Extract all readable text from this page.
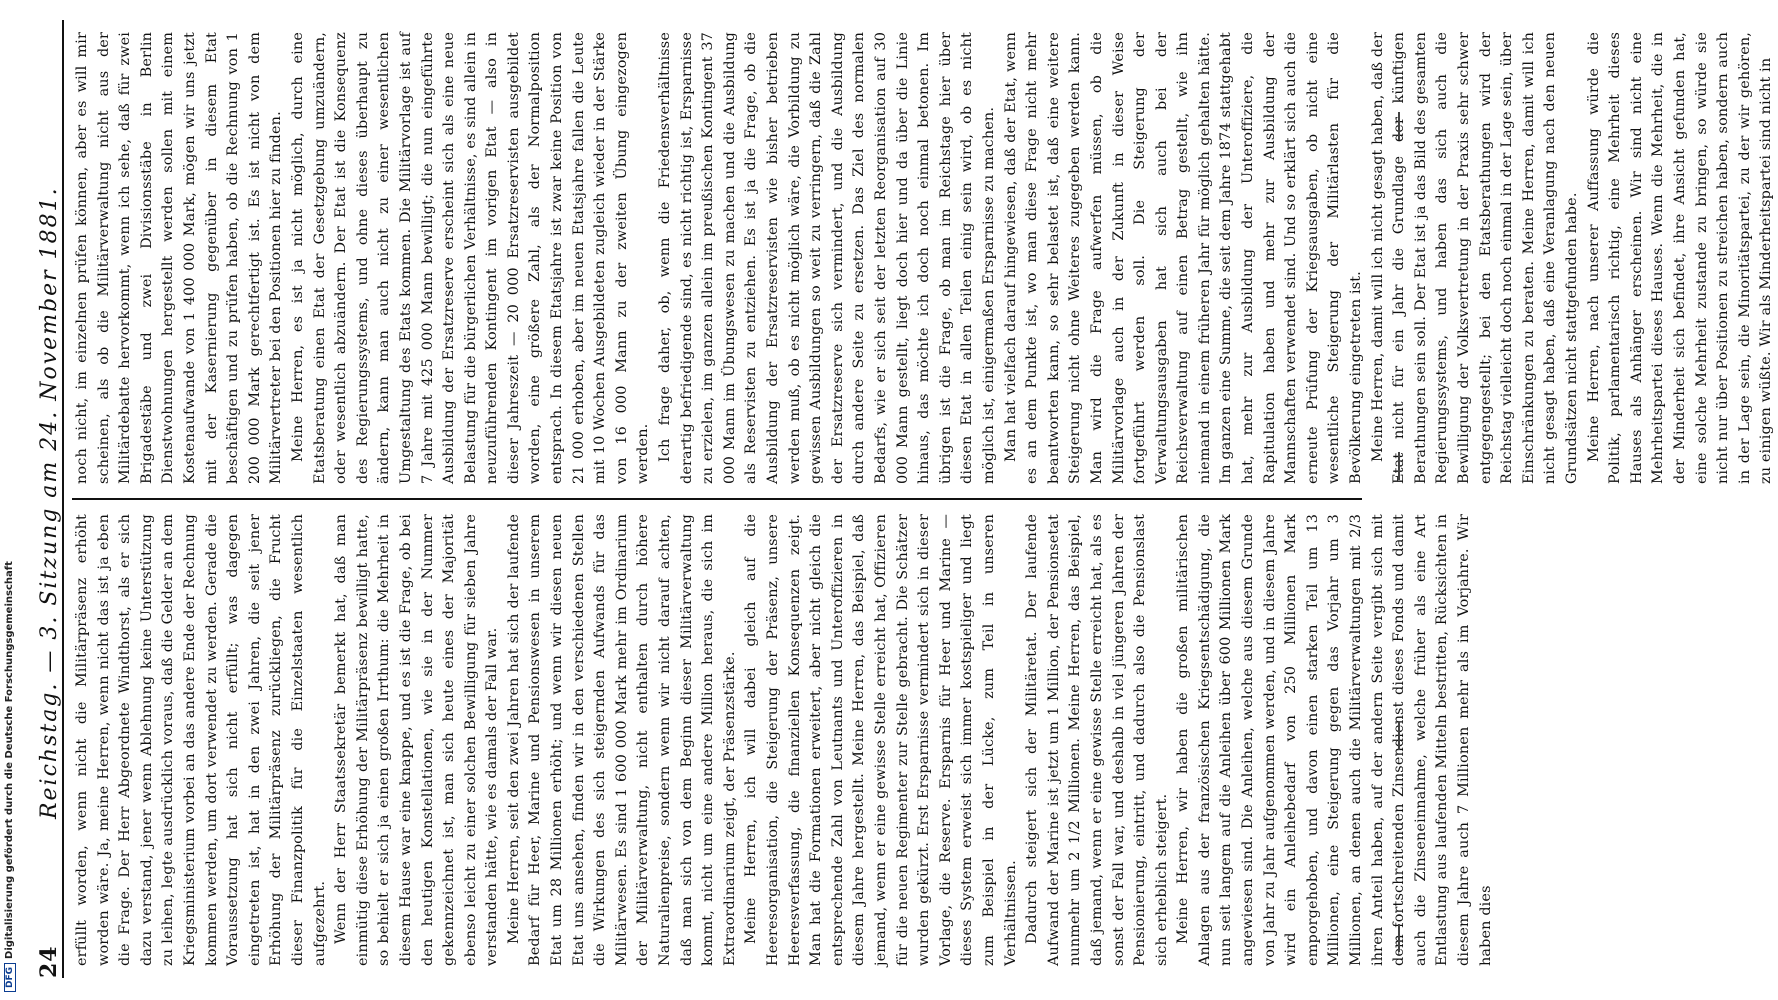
24
Reichstag. — 3. Sitzung am 24. November 1881. erfüllt worden, wenn nicht die Militärpräsenz erhöht worden wäre. Ja, meine Herren, wenn nicht das ist ja eben die Frage. Der Herr Abgeordnete Windthorst, als er sich dazu verstand, jener wenn Ablehnung keine Unterstützung zu leihen, legte ausdrücklich voraus, daß die Gelder an dem Kriegsministerium vorbei an das andere Ende der Rechnung kommen werden, um dort verwendet zu werden. Gerade die Voraussetzung hat sich nicht erfüllt; was dagegen eingetreten ist, hat in den zwei Jahren, die seit jener Erhöhung der Militärpräsenz zurückliegen, die Frucht dieser Finanzpolitik für die Einzelstaaten wesentlich aufgezehrt. Wenn der Herr Staatssekretär bemerkt hat, daß man einmütig diese Erhöhung der Militärpräsenz bewilligt hatte, so behielt er sich ja einen großen Irrthum: die Mehrheit in diesem Hause war eine knappe, und es ist die Frage, ob bei den heutigen Konstellationen, wie sie in der Nummer gekennzeichnet ist, man sich heute eines der Majorität ebenso leicht zu einer solchen Bewilligung für sieben Jahre verstanden hätte, wie es damals der Fall war. Meine Herren, seit den zwei Jahren hat sich der laufende Bedarf für Heer, Marine und Pensionswesen in unserem Etat um 28 Millionen erhöht; und wenn wir diesen neuen Etat uns ansehen, finden wir in den verschiedenen Stellen die Wirkungen des sich steigernden Aufwands für das Militärwesen. Es sind 1 600 000 Mark mehr im Ordinarium der Militärverwaltung, nicht enthalten durch höhere Naturalienpreise, sondern wenn wir nicht darauf achten, daß man sich von dem Beginn dieser Militärverwaltung kommt, nicht um eine andere Million heraus, die sich im Extraordinarium zeigt, der Präsenzstärke. Meine Herren, ich will dabei gleich auf die Heeresorganisation, die Steigerung der Präsenz, unsere Heeresverfassung, die finanziellen Konsequenzen zeigt. Man hat die Formationen erweitert, aber nicht gleich die entsprechende Zahl von Leutnants und Unteroffizieren in diesem Jahre hergestellt. Meine Herren, das Beispiel, daß jemand, wenn er eine gewisse Stelle erreicht hat, Offizieren für die neuen Regimenter zur Stelle gebracht. Die Schätzer wurden gekürzt. Erst Ersparnisse vermindert sich in dieser Vorlage, die Reserve. Ersparnis für Heer und Marine — dieses System erweist sich immer kostspieliger und liegt zum Beispiel in der Lücke, zum Teil in unseren Verhältnissen. Dadurch steigert sich der Militäretat. Der laufende Aufwand der Marine ist jetzt um 1 Million, der Pensionsetat nunmehr um 2 1/2 Millionen. Meine Herren, das Beispiel, daß jemand, wenn er eine gewisse Stelle erreicht hat, als es sonst der Fall war, und deshalb in viel jüngeren Jahren der Pensionierung, eintritt, und dadurch also die Pensionslast sich erheblich steigert. Meine Herren, wir haben die großen militärischen Anlagen aus der französischen Kriegsentschädigung, die nun seit langem auf die Anleihen über 600 Millionen Mark angewiesen sind. Die Anleihen, welche aus diesem Grunde von Jahr zu Jahr aufgenommen werden, und in diesem Jahre wird ein Anleihebedarf von 250 Millionen Mark emporgehoben, und davon einen starken Teil um 13 Millionen, eine Steigerung gegen das Vorjahr um 3 Millionen, an denen auch die Militärverwaltungen mit 2/3 ihren Anteil haben, auf der andern Seite vergibt sich mit dem fortschreitenden Zinsendienst dieses Fonds und damit auch die Zinseneinnahme, welche früher als eine Art Entlastung aus laufenden Mitteln bestritten, Rücksichten in diesem Jahre auch 7 Millionen mehr als im Vorjahre. Wir haben dies

noch nicht, im einzelnen prüfen können, aber es will mir scheinen, als ob die Militärverwaltung nicht aus der Militärdebatte hervorkommt, wenn ich sehe, daß für zwei Brigadestäbe und zwei Divisionsstäbe in Berlin Dienstwohnungen hergestellt werden sollen mit einem Kostenaufwande von 1 400 000 Mark, mögen wir uns jetzt mit der Kasernierung gegenüber in diesem Etat beschäftigen und zu prüfen haben, ob die Rechnung von 1 200 000 Mark gerechtfertigt ist. Es ist nicht von dem Militärvertreter bei den Positionen hier zu finden. Meine Herren, es ist ja nicht möglich, durch eine Etatsberatung einen Etat der Gesetzgebung umzuändern, oder wesentlich abzuändern. Der Etat ist die Konsequenz des Regierungssystems, und ohne dieses überhaupt zu ändern, kann man auch nicht zu einer wesentlichen Umgestaltung des Etats kommen. Die Militärvorlage ist auf 7 Jahre mit 425 000 Mann bewilligt; die nun eingeführte Ausbildung der Ersatzreserve erscheint sich als eine neue Belastung für die bürgerlichen Verhältnisse, es sind allein in neuzuführenden Kontingent im vorigen Etat — also in dieser Jahreszeit — 20 000 Ersatzreservisten ausgebildet worden, eine größere Zahl, als der Normalposition entsprach. In diesem Etatsjahre ist zwar keine Position von 21 000 erhoben, aber im neuen Etatsjahre fallen die Leute mit 10 Wochen Ausgebildeten zugleich wieder in der Stärke von 16 000 Mann zu der zweiten Übung eingezogen werden. Ich frage daher, ob, wenn die Friedensverhältnisse derartig befriedigende sind, es nicht richtig ist, Ersparnisse zu erzielen, im ganzen allein im preußischen Kontingent 37 000 Mann im Übungswesen zu machen und die Ausbildung als Reservisten zu entziehen. Es ist ja die Frage, ob die Ausbildung der Ersatzreservisten wie bisher betrieben werden muß, ob es nicht möglich wäre, die Vorbildung zu gewissen Ausbildungen so weit zu verringern, daß die Zahl der Ersatzreserve sich vermindert, und die Ausbildung durch andere Seite zu ersetzen. Das Ziel des normalen Bedarfs, wie er sich seit der letzten Reorganisation auf 30 000 Mann gestellt, liegt doch hier und da über die Linie hinaus, das möchte ich doch noch einmal betonen. Im übrigen ist die Frage, ob man im Reichstage hier über diesen Etat in allen Teilen einig sein wird, ob es nicht möglich ist, einigermaßen Ersparnisse zu machen. Man hat vielfach darauf hingewiesen, daß der Etat, wenn es an dem Punkte ist, wo man diese Frage nicht mehr beantworten kann, so sehr belastet ist, daß eine weitere Steigerung nicht ohne Weiteres zugegeben werden kann. Man wird die Frage aufwerfen müssen, ob die Militärvorlage auch in der Zukunft in dieser Weise fortgeführt werden soll. Die Steigerung der Verwaltungsausgaben hat sich auch bei der Reichsverwaltung auf einen Betrag gestellt, wie ihn niemand in einem früheren Jahr für möglich gehalten hätte. Im ganzen eine Summe, die seit dem Jahre 1874 stattgehabt hat, mehr zur Ausbildung der Unteroffiziere, die Rapitulation haben und mehr zur Ausbildung der Mannschaften verwendet sind. Und so erklärt sich auch die erneute Prüfung der Kriegsausgaben, ob nicht eine wesentliche Steigerung der Militärlasten für die Bevölkerung eingetreten ist. Meine Herren, damit will ich nicht gesagt haben, daß der Etat nicht für ein Jahr die Grundlage der künftigen Berathungen sein soll. Der Etat ist ja das Bild des gesamten Regierungssystems, und haben das sich auch die Bewilligung der Volksvertretung in der Praxis sehr schwer entgegengestellt; bei den Etatsberathungen wird der Reichstag vielleicht doch noch einmal in der Lage sein, über Einschränkungen zu beraten. Meine Herren, damit will ich nicht gesagt haben, daß eine Veranlagung nach den neuen Grundsätzen nicht stattgefunden habe. Meine Herren, nach unserer Auffassung würde die Politik, parlamentarisch richtig, eine Mehrheit dieses Hauses als Anhänger erscheinen. Wir sind nicht eine Mehrheitspartei dieses Hauses. Wenn die Mehrheit, die in der Minderheit sich befindet, ihre Ansicht gefunden hat, eine solche Mehrheit zustande zu bringen, so würde sie nicht nur über Positionen zu streichen haben, sondern auch in der Lage sein, die Minoritätspartei, zu der wir gehören, zu einigen wüßte. Wir als Minderheitspartei sind nicht in

DFGDigitalisierung gefördert durch die Deutsche Forschungsgemeinschaft
